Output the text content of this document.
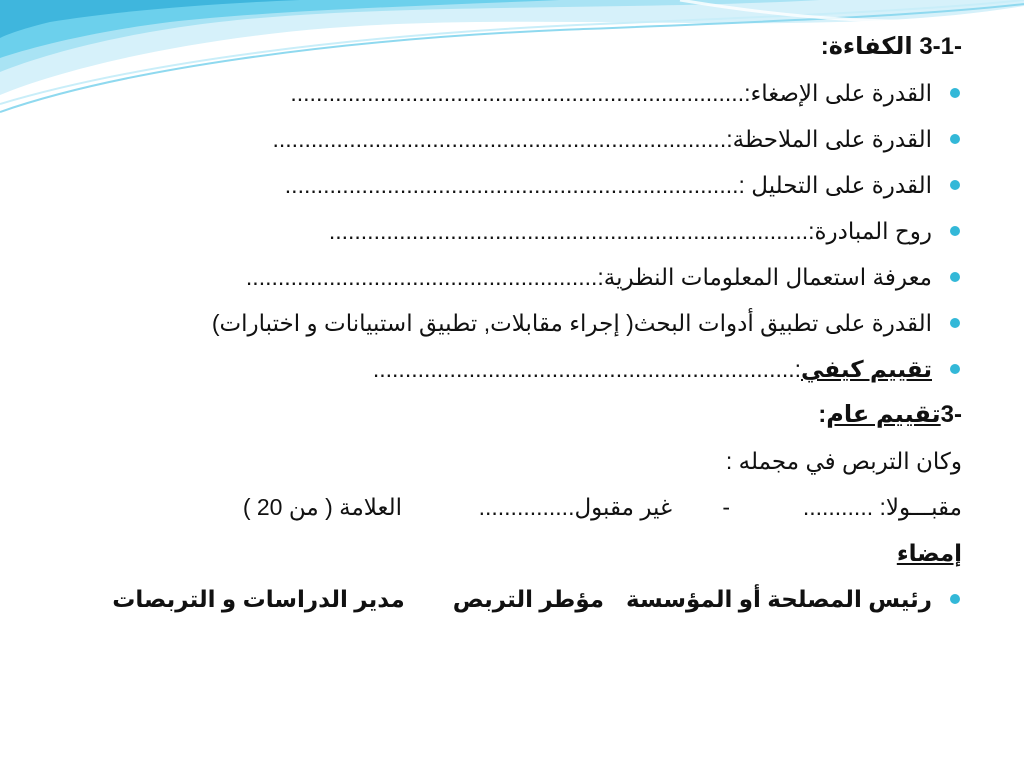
3-1- الكفاءة:
القدرة على الإصغاء:.......................................................................
القدرة على الملاحظة:.......................................................................
القدرة على التحليل :.......................................................................
روح المبادرة:...........................................................................
معرفة استعمال المعلومات النظرية:.......................................................
القدرة على تطبيق أدوات البحث( إجراء مقابلات, تطبيق استبيانات و اختبارات)
تقييم كيفي:..................................................................
3-تقييم عام:
وكان التربص في مجمله :
مقبـــولا: ...........
-
غير مقبول...............
العلامة ( من 20 )
إمضاء
رئيس المصلحة أو المؤسسةمؤطر التربصمدير الدراسات و التربصات
